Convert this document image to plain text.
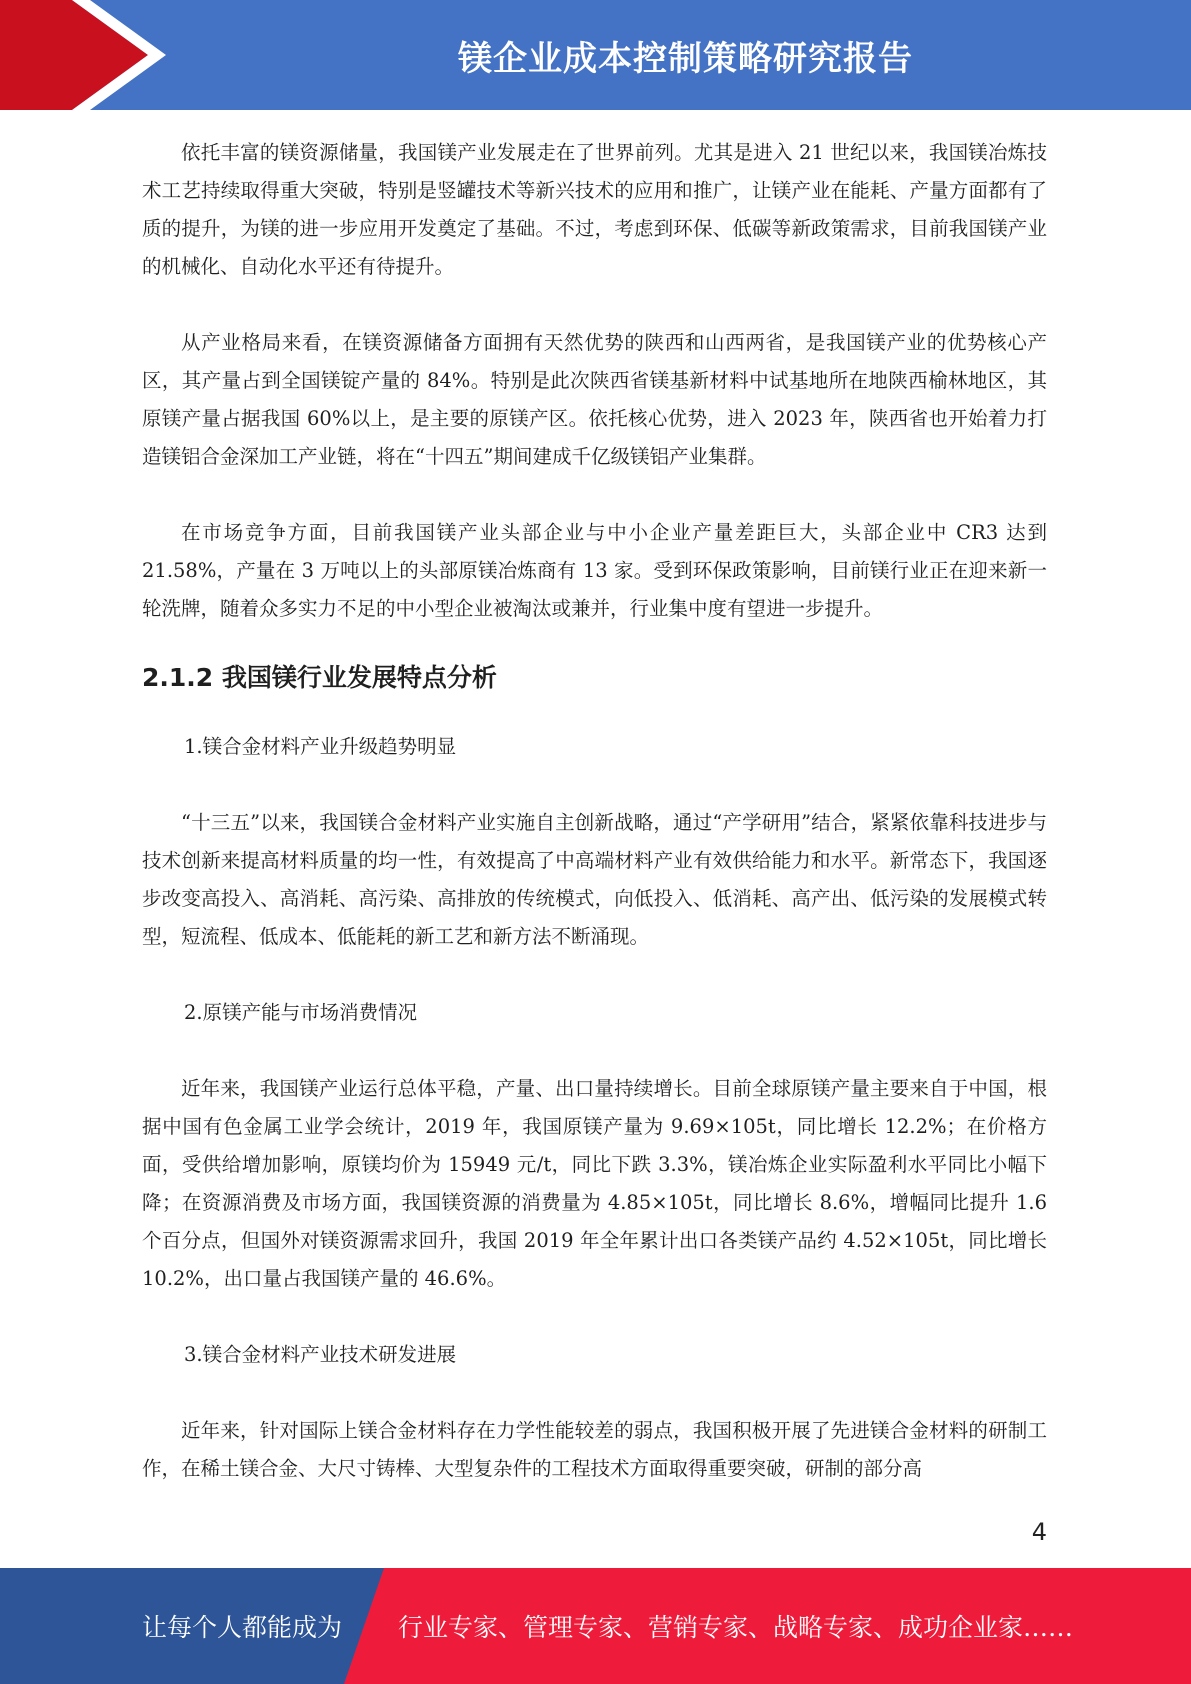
镁企业成本控制策略研究报告

依托丰富的镁资源储量，我国镁产业发展走在了世界前列。尤其是进入 21 世纪以来，我国镁冶炼技术工艺持续取得重大突破，特别是竖罐技术等新兴技术的应用和推广，让镁产业在能耗、产量方面都有了质的提升，为镁的进一步应用开发奠定了基础。不过，考虑到环保、低碳等新政策需求，目前我国镁产业的机械化、自动化水平还有待提升。

从产业格局来看，在镁资源储备方面拥有天然优势的陕西和山西两省，是我国镁产业的优势核心产区，其产量占到全国镁锭产量的 84%。特别是此次陕西省镁基新材料中试基地所在地陕西榆林地区，其原镁产量占据我国 60%以上，是主要的原镁产区。依托核心优势，进入 2023 年，陕西省也开始着力打造镁铝合金深加工产业链，将在“十四五”期间建成千亿级镁铝产业集群。

在市场竞争方面，目前我国镁产业头部企业与中小企业产量差距巨大，头部企业中 CR3 达到 21.58%，产量在 3 万吨以上的头部原镁冶炼商有 13 家。受到环保政策影响，目前镁行业正在迎来新一轮洗牌，随着众多实力不足的中小型企业被淘汰或兼并，行业集中度有望进一步提升。

2.1.2 我国镁行业发展特点分析

1.镁合金材料产业升级趋势明显

“十三五”以来，我国镁合金材料产业实施自主创新战略，通过“产学研用”结合，紧紧依靠科技进步与技术创新来提高材料质量的均一性，有效提高了中高端材料产业有效供给能力和水平。新常态下，我国逐步改变高投入、高消耗、高污染、高排放的传统模式，向低投入、低消耗、高产出、低污染的发展模式转型，短流程、低成本、低能耗的新工艺和新方法不断涌现。

2.原镁产能与市场消费情况

近年来，我国镁产业运行总体平稳，产量、出口量持续增长。目前全球原镁产量主要来自于中国，根据中国有色金属工业学会统计，2019 年，我国原镁产量为 9.69×105t，同比增长 12.2%；在价格方面，受供给增加影响，原镁均价为 15949 元/t，同比下跌 3.3%，镁冶炼企业实际盈利水平同比小幅下降；在资源消费及市场方面，我国镁资源的消费量为 4.85×105t，同比增长 8.6%，增幅同比提升 1.6 个百分点，但国外对镁资源需求回升，我国 2019 年全年累计出口各类镁产品约 4.52×105t，同比增长 10.2%，出口量占我国镁产量的 46.6%。

3.镁合金材料产业技术研发进展

近年来，针对国际上镁合金材料存在力学性能较差的弱点，我国积极开展了先进镁合金材料的研制工作，在稀土镁合金、大尺寸铸棒、大型复杂件的工程技术方面取得重要突破，研制的部分高

4
让每个人都能成为 行业专家、管理专家、营销专家、战略专家、成功企业家……
